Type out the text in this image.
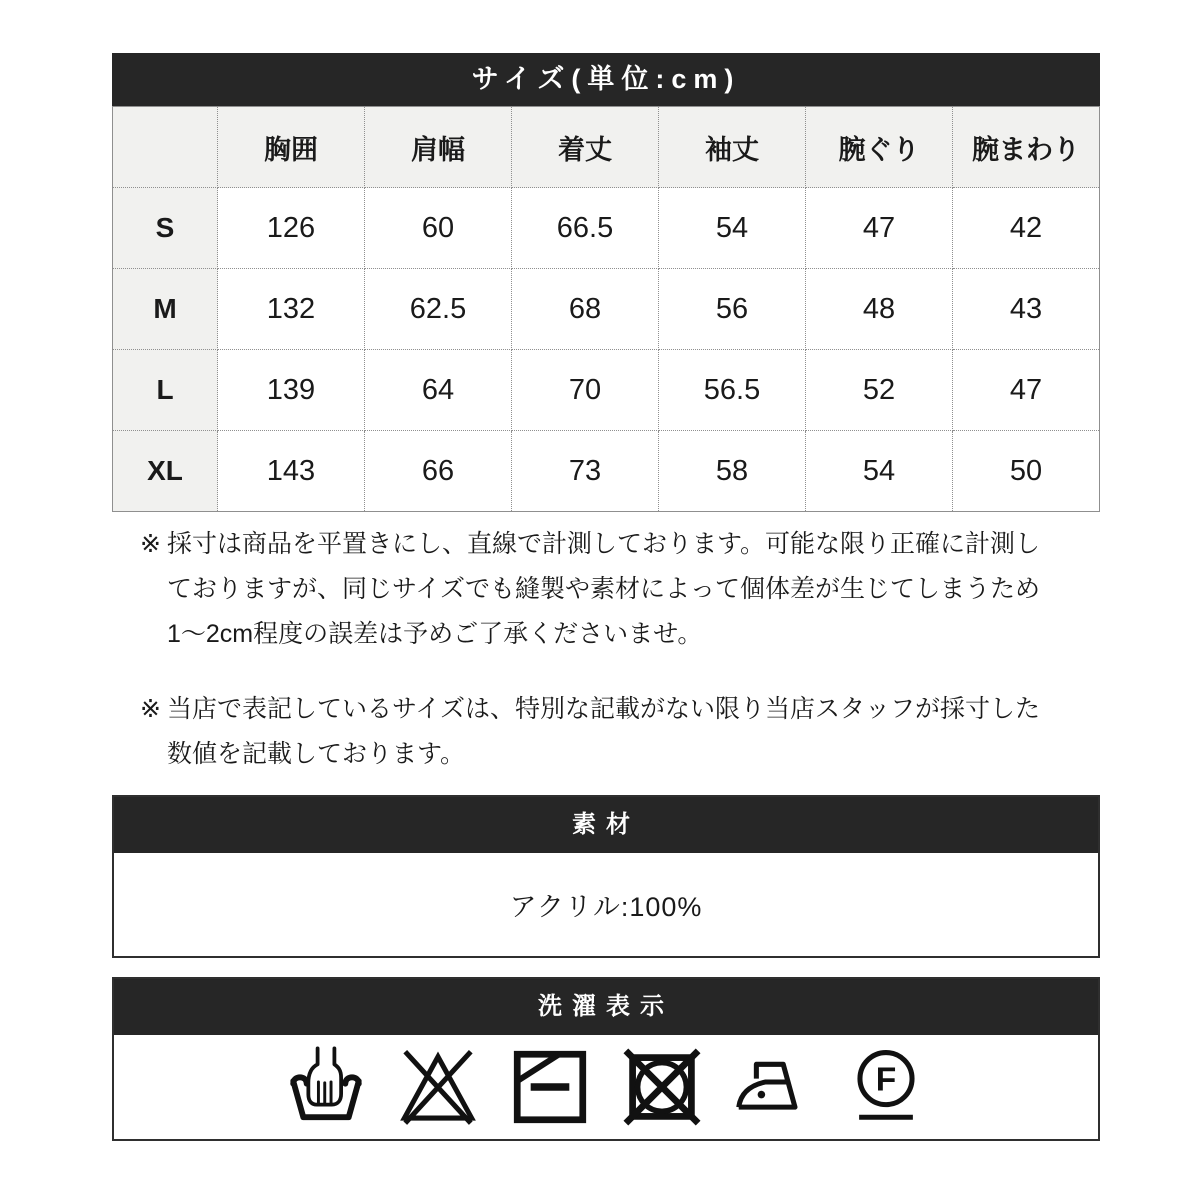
サイズ(単位:cm)
	胸囲	肩幅	着丈	袖丈	腕ぐり	腕まわり
S	126	60	66.5	54	47	42
M	132	62.5	68	56	48	43
L	139	64	70	56.5	52	47
XL	143	66	73	58	54	50
※ 採寸は商品を平置きにし、直線で計測しております。可能な限り正確に計測し
ておりますが、同じサイズでも縫製や素材によって個体差が生じてしまうため
1〜2cm程度の誤差は予めご了承くださいませ。
※ 当店で表記しているサイズは、特別な記載がない限り当店スタッフが採寸した
数値を記載しております。
素材
アクリル:100%
洗濯表示
F
